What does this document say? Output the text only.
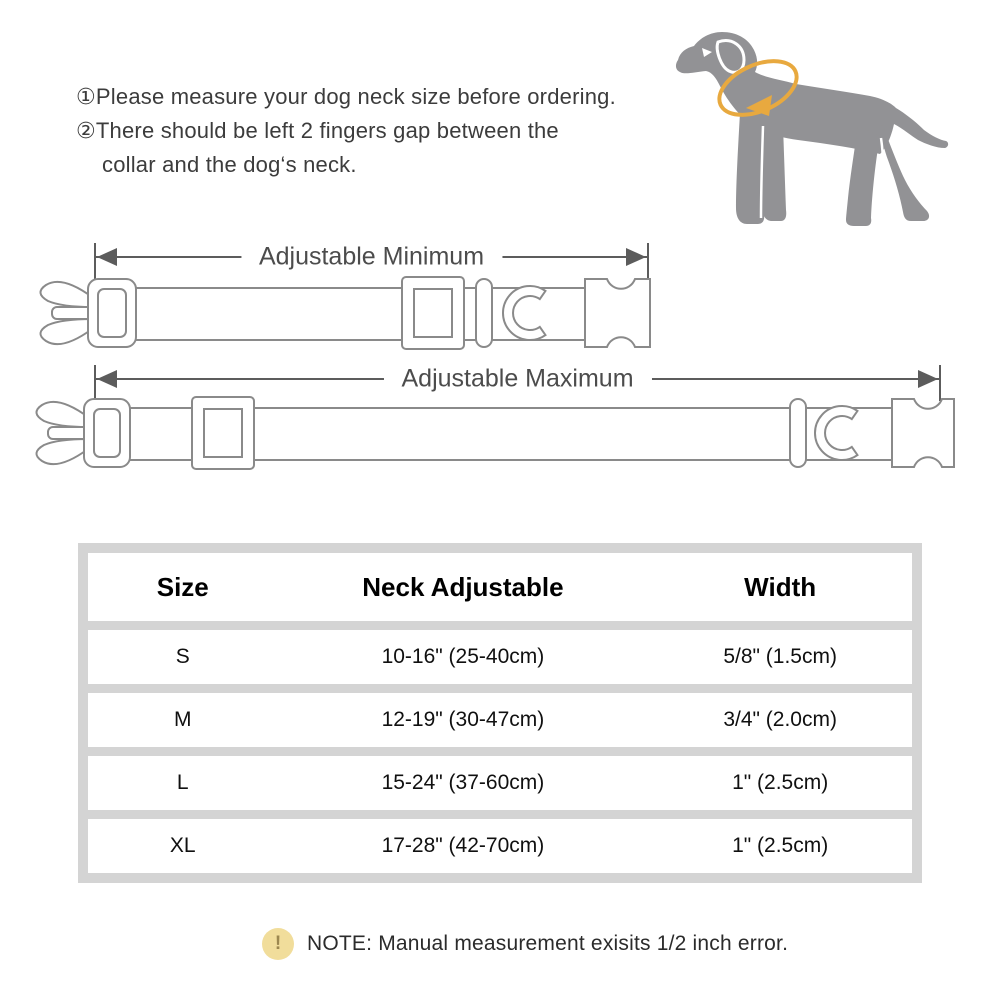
①Please measure your dog neck size before ordering.
②There should be left 2 fingers gap between the
collar and the dog‘s neck.
Adjustable Minimum
Adjustable Maximum
Size	Neck Adjustable	Width
S	10-16" (25-40cm)	5/8" (1.5cm)
M	12-19" (30-47cm)	3/4" (2.0cm)
L	15-24" (37-60cm)	1" (2.5cm)
XL	17-28" (42-70cm)	1" (2.5cm)
!	NOTE: Manual measurement exisits 1/2 inch error.
